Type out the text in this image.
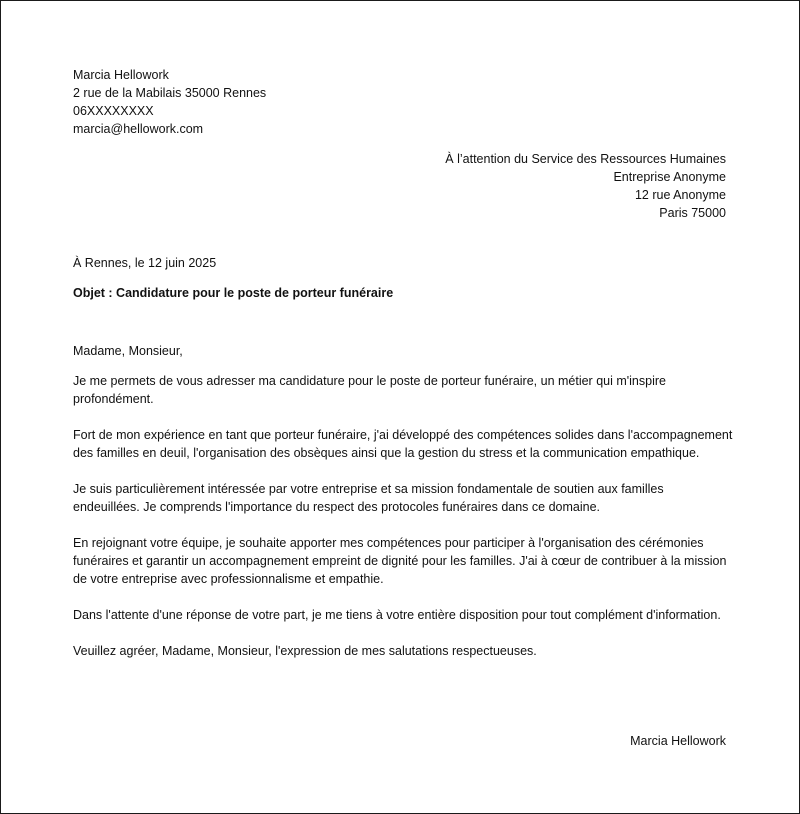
Marcia Hellowork
2 rue de la Mabilais 35000 Rennes
06XXXXXXXX
marcia@hellowork.com
À l’attention du Service des Ressources Humaines
Entreprise Anonyme
12 rue Anonyme
Paris 75000
À Rennes, le 12 juin 2025
Objet : Candidature pour le poste de porteur funéraire

Madame, Monsieur,

Je me permets de vous adresser ma candidature pour le poste de porteur funéraire, un métier qui m'inspire profondément.

Fort de mon expérience en tant que porteur funéraire, j'ai développé des compétences solides dans l'accompagnement des familles en deuil, l'organisation des obsèques ainsi que la gestion du stress et la communication empathique.

Je suis particulièrement intéressée par votre entreprise et sa mission fondamentale de soutien aux familles endeuillées. Je comprends l'importance du respect des protocoles funéraires dans ce domaine.

En rejoignant votre équipe, je souhaite apporter mes compétences pour participer à l'organisation des cérémonies funéraires et garantir un accompagnement empreint de dignité pour les familles. J'ai à cœur de contribuer à la mission de votre entreprise avec professionnalisme et empathie.

Dans l'attente d'une réponse de votre part, je me tiens à votre entière disposition pour tout complément d'information.

Veuillez agréer, Madame, Monsieur, l'expression de mes salutations respectueuses.

Marcia Hellowork
